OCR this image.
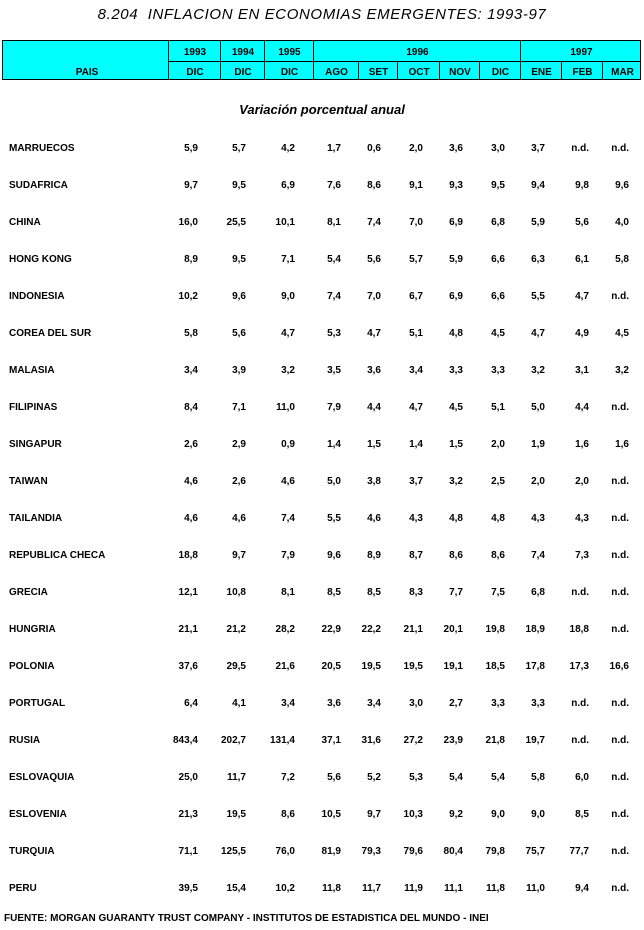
8.204  INFLACION EN ECONOMIAS EMERGENTES: 1993-97
PAIS
1993	1994	1995	1996	1997
DIC	DIC	DIC	AGO	SET	OCT	NOV	DIC	ENE	FEB	MAR
Variación porcentual anual
MARRUECOS	5,9	5,7	4,2	1,7	0,6	2,0	3,6	3,0	3,7	n.d. n.d.
SUDAFRICA	9,7	9,5	6,9	7,6	8,6	9,1	9,3	9,5	9,4	9,8	9,6
CHINA	16,0	25,5	10,1	8,1	7,4	7,0	6,9	6,8	5,9	5,6	4,0
HONG KONG	8,9	9,5	7,1	5,4	5,6	5,7	5,9	6,6	6,3	6,1	5,8
INDONESIA	10,2	9,6	9,0	7,4	7,0	6,7	6,9	6,6	5,5	4,7 n.d.
COREA DEL SUR	5,8	5,6	4,7	5,3	4,7	5,1	4,8	4,5	4,7	4,9	4,5
MALASIA	3,4	3,9	3,2	3,5	3,6	3,4	3,3	3,3	3,2	3,1	3,2
FILIPINAS	8,4	7,1	11,0	7,9	4,4	4,7	4,5	5,1	5,0	4,4 n.d.
SINGAPUR	2,6	2,9	0,9	1,4	1,5	1,4	1,5	2,0	1,9	1,6	1,6
TAIWAN	4,6	2,6	4,6	5,0	3,8	3,7	3,2	2,5	2,0	2,0 n.d.
TAILANDIA	4,6	4,6	7,4	5,5	4,6	4,3	4,8	4,8	4,3	4,3 n.d.
REPUBLICA CHECA	18,8	9,7	7,9	9,6	8,9	8,7	8,6	8,6	7,4	7,3 n.d.
GRECIA	12,1	10,8	8,1	8,5	8,5	8,3	7,7	7,5	6,8	n.d. n.d.
HUNGRIA	21,1	21,2	28,2	22,9 22,2 21,1 20,1 19,8 18,9 18,8 n.d.
POLONIA	37,6	29,5	21,6	20,5 19,5 19,5 19,1 18,5 17,8 17,3 16,6
PORTUGAL	6,4	4,1	3,4	3,6	3,4	3,0	2,7	3,3	3,3	n.d. n.d.
RUSIA	843,4 202,7 131,4	37,1 31,6 27,2 23,9 21,8 19,7	n.d. n.d.
ESLOVAQUIA	25,0	11,7	7,2	5,6	5,2	5,3	5,4	5,4	5,8	6,0 n.d.
ESLOVENIA	21,3	19,5	8,6	10,5	9,7 10,3	9,2	9,0	9,0	8,5 n.d.
TURQUIA	71,1 125,5	76,0	81,9 79,3 79,6 80,4 79,8 75,7 77,7 n.d.
PERU	39,5	15,4	10,2	11,8 11,7 11,9 11,1 11,8 11,0	9,4 n.d.
FUENTE: MORGAN GUARANTY TRUST COMPANY - INSTITUTOS DE ESTADISTICA DEL MUNDO - INEI
